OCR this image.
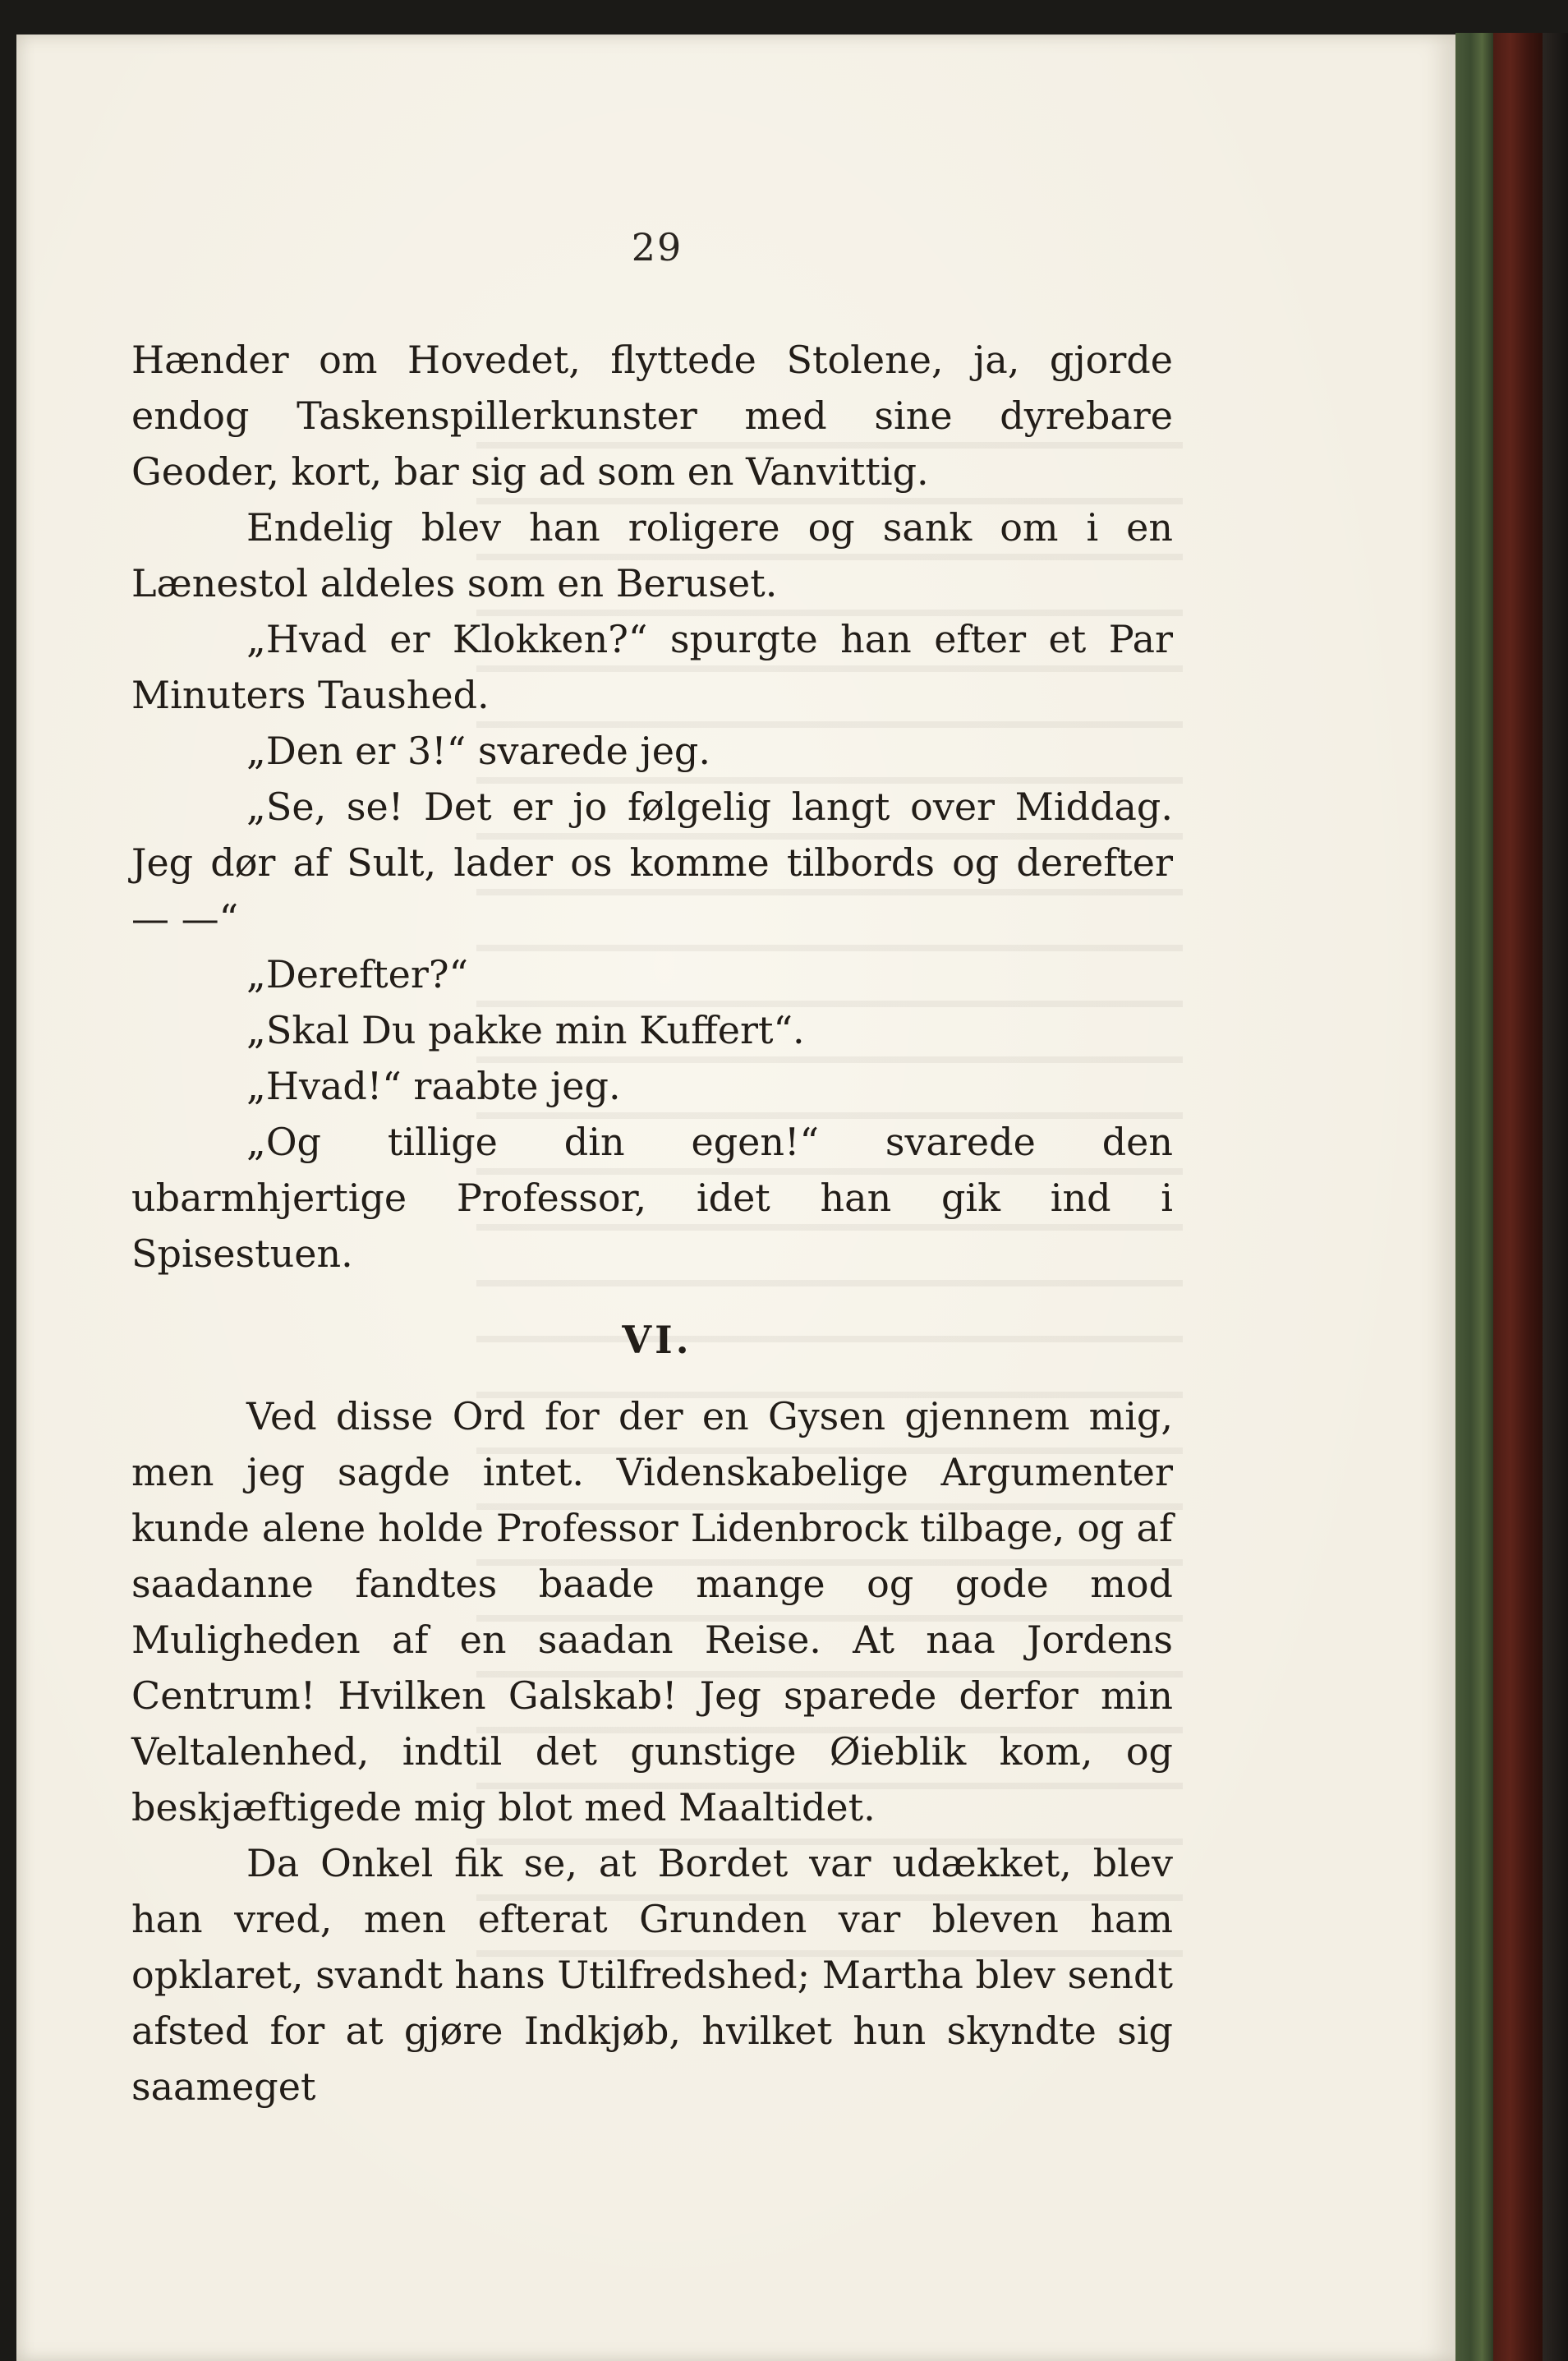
29

Hænder om Hovedet, flyttede Stolene, ja, gjorde endog Taskenspillerkunster med sine dyrebare Geoder, kort, bar sig ad som en Vanvittig.

Endelig blev han roligere og sank om i en Lænestol aldeles som en Beruset.

„Hvad er Klokken?“ spurgte han efter et Par Minuters Taushed.

„Den er 3!“ svarede jeg.

„Se, se! Det er jo følgelig langt over Middag. Jeg dør af Sult, lader os komme tilbords og derefter — —“

„Derefter?“

„Skal Du pakke min Kuffert“.

„Hvad!“ raabte jeg.

„Og tillige din egen!“ svarede den ubarmhjertige Professor, idet han gik ind i Spisestuen.

VI.

Ved disse Ord for der en Gysen gjennem mig, men jeg sagde intet. Videnskabelige Argumenter kunde alene holde Professor Lidenbrock tilbage, og af saadanne fandtes baade mange og gode mod Muligheden af en saadan Reise. At naa Jordens Centrum! Hvilken Galskab! Jeg sparede derfor min Veltalenhed, indtil det gunstige Øieblik kom, og beskjæftigede mig blot med Maaltidet.

Da Onkel fik se, at Bordet var udækket, blev han vred, men efterat Grunden var bleven ham opklaret, svandt hans Utilfredshed; Martha blev sendt afsted for at gjøre Indkjøb, hvilket hun skyndte sig saameget
